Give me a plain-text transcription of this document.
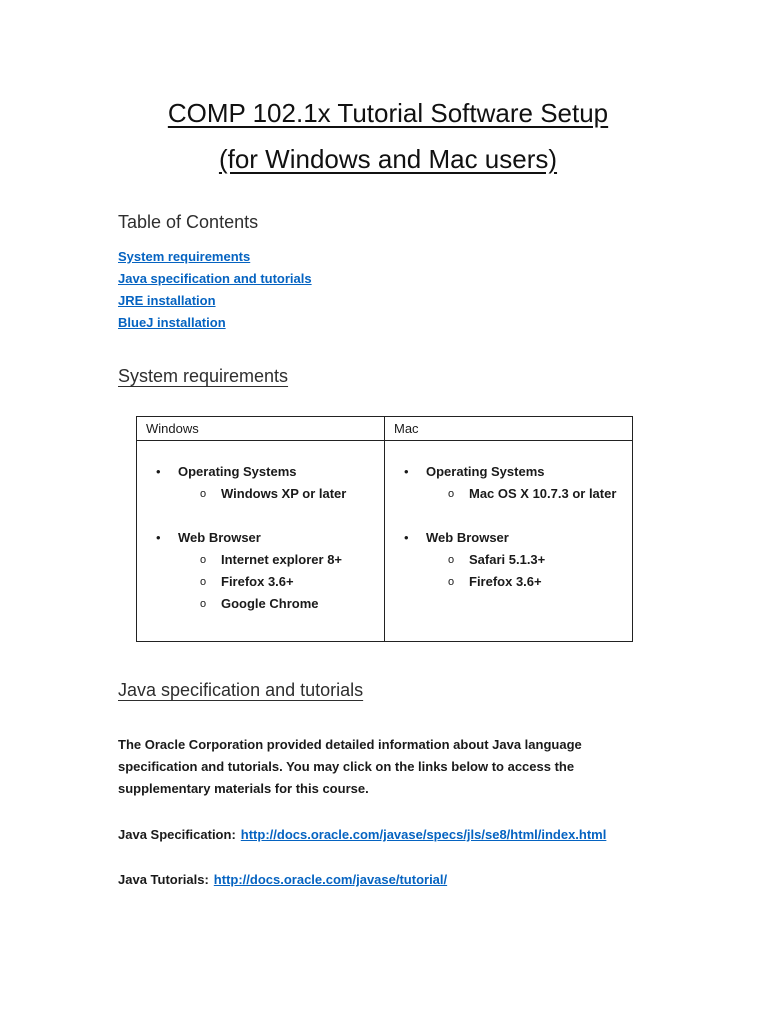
COMP 102.1x Tutorial Software Setup
(for Windows and Mac users)
Table of Contents
System requirements
Java specification and tutorials
JRE installation
BlueJ installation
System requirements
Windows	Mac

• Operating Systems
o Windows XP or later
• Web Browser
o Internet explorer 8+
o Firefox 3.6+
o Google Chrome

• Operating Systems
o Mac OS X 10.7.3 or later
• Web Browser
o Safari 5.1.3+
o Firefox 3.6+
Java specification and tutorials

The Oracle Corporation provided detailed information about Java language specification and tutorials. You may click on the links below to access the supplementary materials for this course.

Java Specification: http://docs.oracle.com/javase/specs/jls/se8/html/index.html
Java Tutorials: http://docs.oracle.com/javase/tutorial/
